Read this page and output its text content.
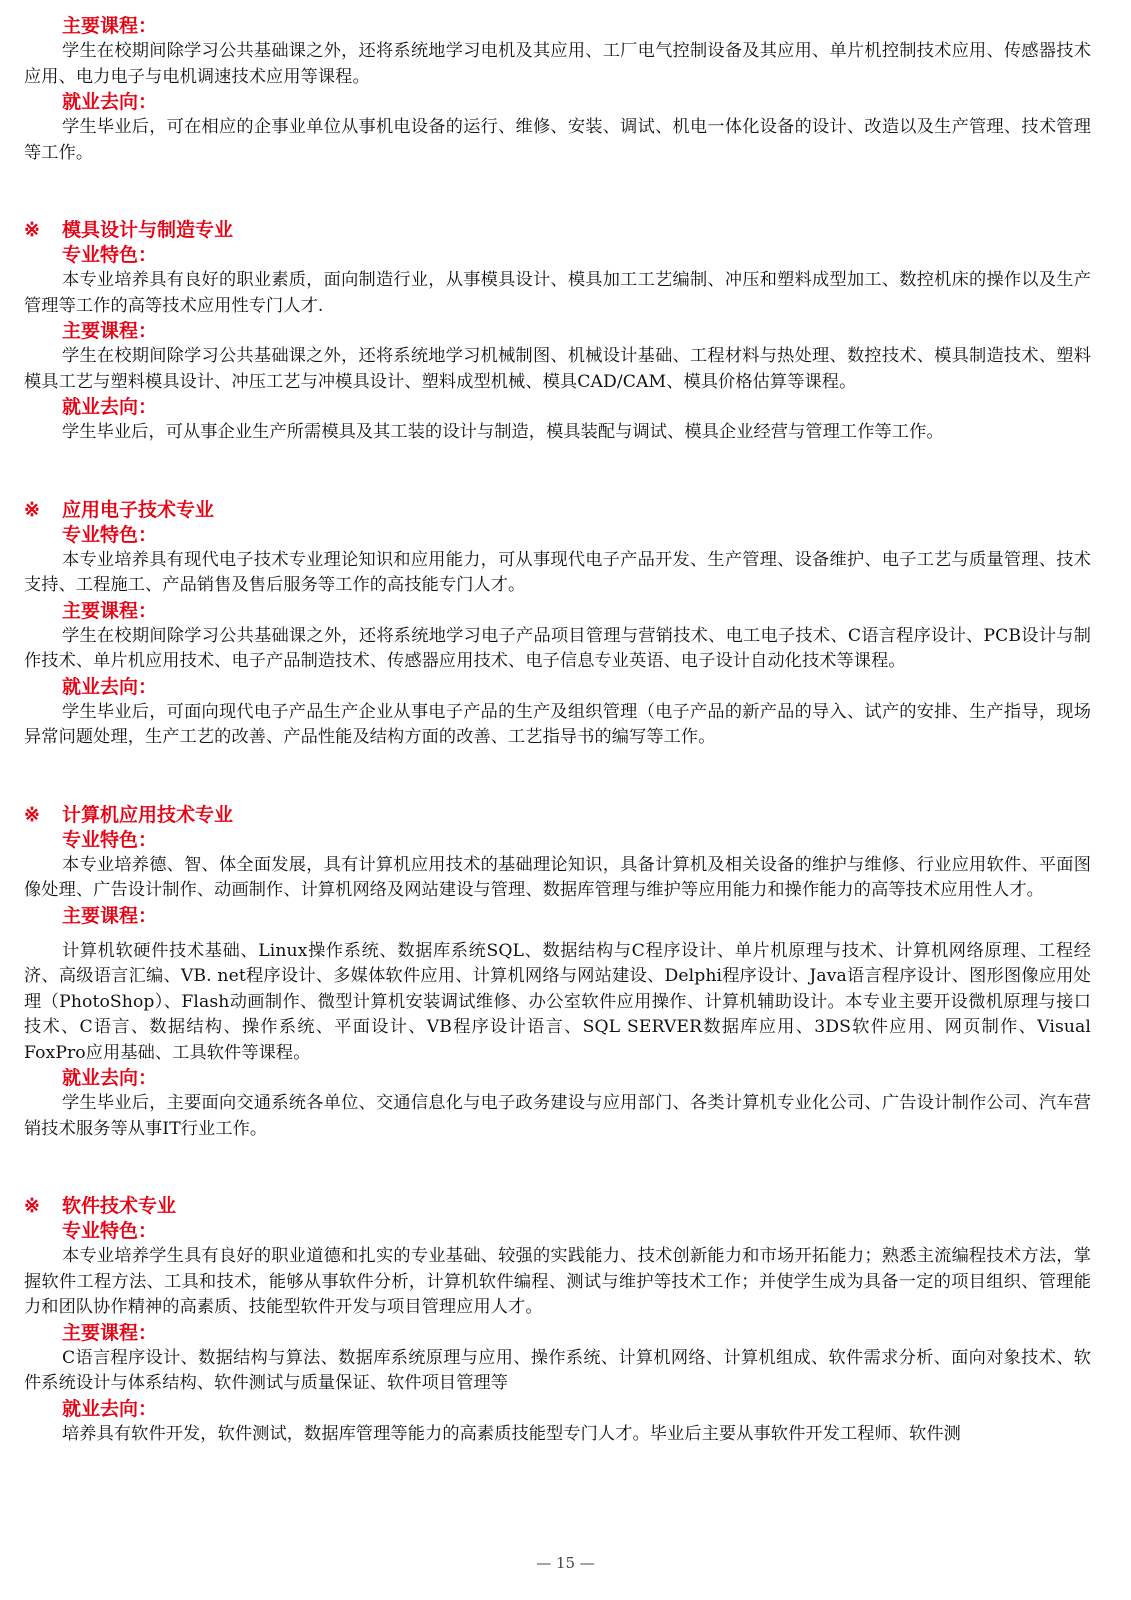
主要课程：

学生在校期间除学习公共基础课之外，还将系统地学习电机及其应用、工厂电气控制设备及其应用、单片机控制技术应用、传感器技术应用、电力电子与电机调速技术应用等课程。

就业去向：

学生毕业后，可在相应的企事业单位从事机电设备的运行、维修、安装、调试、机电一体化设备的设计、改造以及生产管理、技术管理等工作。

※	模具设计与制造专业

专业特色：

本专业培养具有良好的职业素质，面向制造行业，从事模具设计、模具加工工艺编制、冲压和塑料成型加工、数控机床的操作以及生产管理等工作的高等技术应用性专门人才.

主要课程：

学生在校期间除学习公共基础课之外，还将系统地学习机械制图、机械设计基础、工程材料与热处理、数控技术、模具制造技术、塑料模具工艺与塑料模具设计、冲压工艺与冲模具设计、塑料成型机械、模具CAD/CAM、模具价格估算等课程。

就业去向：

学生毕业后，可从事企业生产所需模具及其工装的设计与制造，模具装配与调试、模具企业经营与管理工作等工作。

※	应用电子技术专业

专业特色：

本专业培养具有现代电子技术专业理论知识和应用能力，可从事现代电子产品开发、生产管理、设备维护、电子工艺与质量管理、技术支持、工程施工、产品销售及售后服务等工作的高技能专门人才。

主要课程：

学生在校期间除学习公共基础课之外，还将系统地学习电子产品项目管理与营销技术、电工电子技术、C语言程序设计、PCB设计与制作技术、单片机应用技术、电子产品制造技术、传感器应用技术、电子信息专业英语、电子设计自动化技术等课程。

就业去向：

学生毕业后，可面向现代电子产品生产企业从事电子产品的生产及组织管理（电子产品的新产品的导入、试产的安排、生产指导，现场异常问题处理，生产工艺的改善、产品性能及结构方面的改善、工艺指导书的编写等工作。

※	计算机应用技术专业

专业特色：

本专业培养德、智、体全面发展，具有计算机应用技术的基础理论知识，具备计算机及相关设备的维护与维修、行业应用软件、平面图像处理、广告设计制作、动画制作、计算机网络及网站建设与管理、数据库管理与维护等应用能力和操作能力的高等技术应用性人才。

主要课程：

计算机软硬件技术基础、Linux操作系统、数据库系统SQL、数据结构与C程序设计、单片机原理与技术、计算机网络原理、工程经济、高级语言汇编、VB. net程序设计、多媒体软件应用、计算机网络与网站建设、Delphi程序设计、Java语言程序设计、图形图像应用处理（PhotoShop）、Flash动画制作、微型计算机安装调试维修、办公室软件应用操作、计算机辅助设计。本专业主要开设微机原理与接口技术、C语言、数据结构、操作系统、平面设计、VB程序设计语言、SQL SERVER数据库应用、3DS软件应用、网页制作、Visual FoxPro应用基础、工具软件等课程。

就业去向：

学生毕业后，主要面向交通系统各单位、交通信息化与电子政务建设与应用部门、各类计算机专业化公司、广告设计制作公司、汽车营销技术服务等从事IT行业工作。

※	软件技术专业

专业特色：

本专业培养学生具有良好的职业道德和扎实的专业基础、较强的实践能力、技术创新能力和市场开拓能力；熟悉主流编程技术方法，掌握软件工程方法、工具和技术，能够从事软件分析，计算机软件编程、测试与维护等技术工作；并使学生成为具备一定的项目组织、管理能力和团队协作精神的高素质、技能型软件开发与项目管理应用人才。

主要课程：

C语言程序设计、数据结构与算法、数据库系统原理与应用、操作系统、计算机网络、计算机组成、软件需求分析、面向对象技术、软件系统设计与体系结构、软件测试与质量保证、软件项目管理等

就业去向：

培养具有软件开发，软件测试，数据库管理等能力的高素质技能型专门人才。毕业后主要从事软件开发工程师、软件测

— 15 —
